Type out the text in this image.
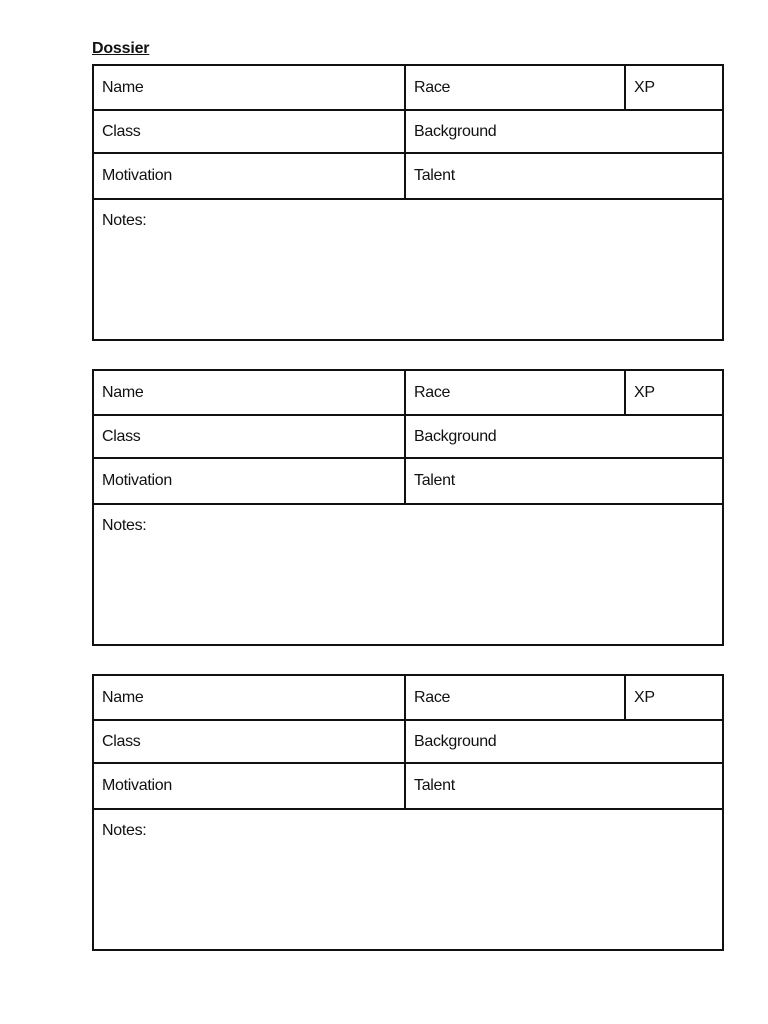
Dossier
Name	Race	XP
Class	Background
Motivation	Talent
Notes:
Name	Race	XP
Class	Background
Motivation	Talent
Notes:
Name	Race	XP
Class	Background
Motivation	Talent
Notes:
